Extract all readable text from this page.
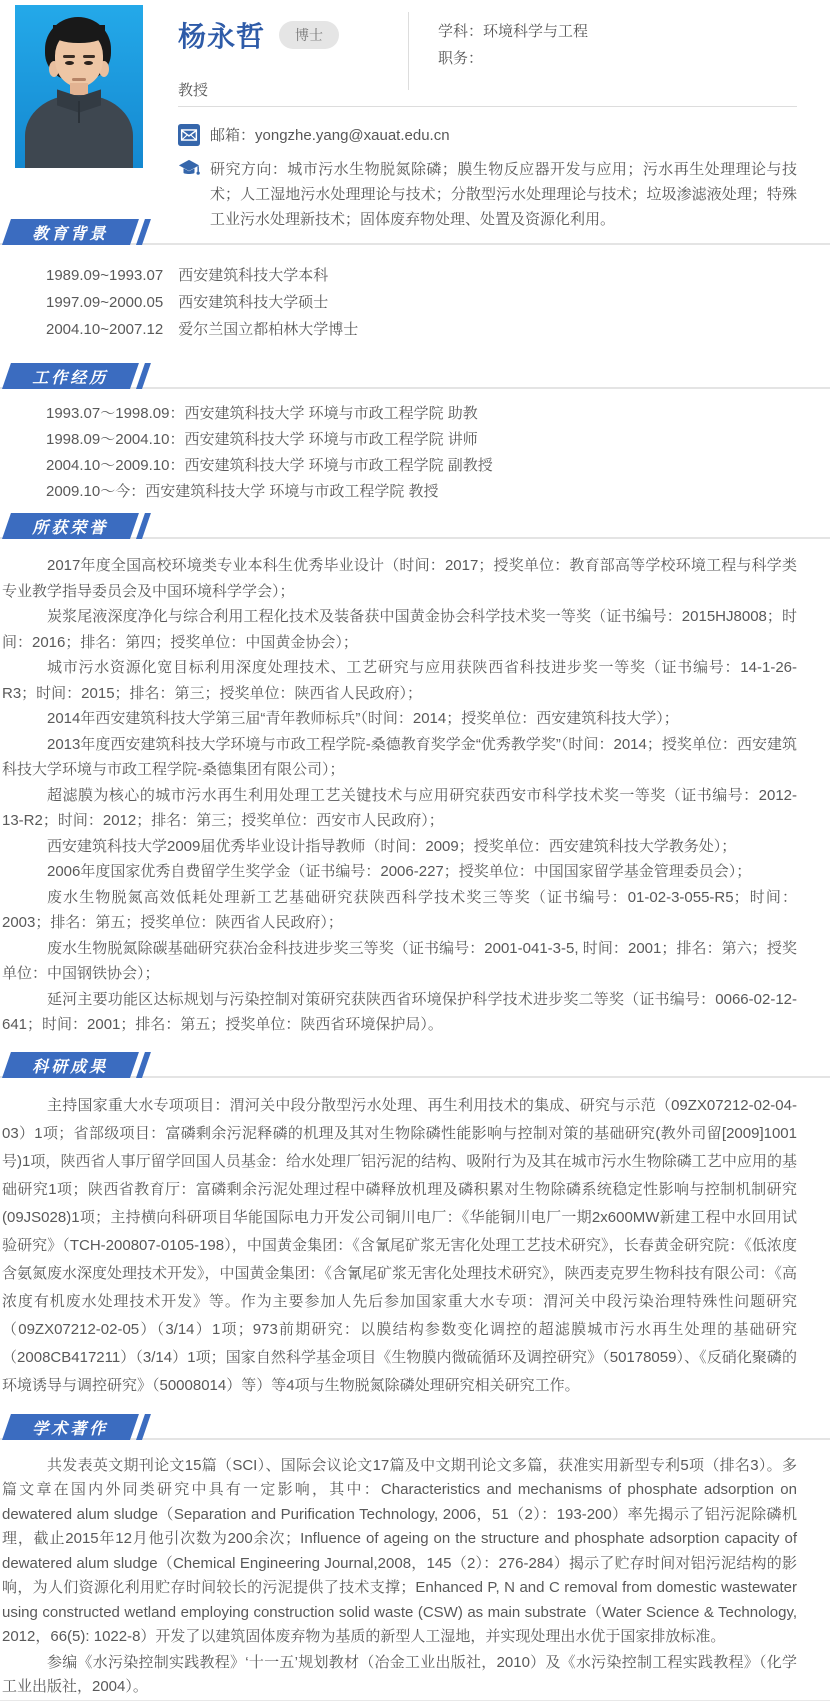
杨永哲	博士
教授
学科：环境科学与工程
职务：
邮箱：yongzhe.yang@xauat.edu.cn
研究方向：城市污水生物脱氮除磷；膜生物反应器开发与应用；污水再生处理理论与技术；人工湿地污水处理理论与技术；分散型污水处理理论与技术；垃圾渗滤液处理；特殊工业污水处理新技术；固体废弃物处理、处置及资源化利用。
教育背景
1989.09~1993.07 西安建筑科技大学本科
1997.09~2000.05 西安建筑科技大学硕士
2004.10~2007.12 爱尔兰国立都柏林大学博士
工作经历
1993.07～1998.09：西安建筑科技大学 环境与市政工程学院 助教
1998.09～2004.10：西安建筑科技大学 环境与市政工程学院 讲师
2004.10～2009.10：西安建筑科技大学 环境与市政工程学院 副教授
2009.10～今：西安建筑科技大学 环境与市政工程学院 教授
所获荣誉

2017年度全国高校环境类专业本科生优秀毕业设计（时间：2017；授奖单位：教育部高等学校环境工程与科学类专业教学指导委员会及中国环境科学学会）；

炭浆尾液深度净化与综合利用工程化技术及装备获中国黄金协会科学技术奖一等奖（证书编号：2015HJ8008；时间：2016；排名：第四；授奖单位：中国黄金协会）；

城市污水资源化宽目标利用深度处理技术、工艺研究与应用获陕西省科技进步奖一等奖（证书编号：14-1-26-R3；时间：2015；排名：第三；授奖单位：陕西省人民政府）；

2014年西安建筑科技大学第三届“青年教师标兵”（时间：2014；授奖单位：西安建筑科技大学）；

2013年度西安建筑科技大学环境与市政工程学院-桑德教育奖学金“优秀教学奖”（时间：2014；授奖单位：西安建筑科技大学环境与市政工程学院-桑德集团有限公司）；

超滤膜为核心的城市污水再生利用处理工艺关键技术与应用研究获西安市科学技术奖一等奖（证书编号：2012-13-R2；时间：2012；排名：第三；授奖单位：西安市人民政府）；

西安建筑科技大学2009届优秀毕业设计指导教师（时间：2009；授奖单位：西安建筑科技大学教务处）；

2006年度国家优秀自费留学生奖学金（证书编号：2006-227；授奖单位：中国国家留学基金管理委员会）；

废水生物脱氮高效低耗处理新工艺基础研究获陕西科学技术奖三等奖（证书编号：01-02-3-055-R5；时间：2003；排名：第五；授奖单位：陕西省人民政府）；

废水生物脱氮除碳基础研究获冶金科技进步奖三等奖（证书编号：2001-041-3-5, 时间：2001；排名：第六；授奖单位：中国钢铁协会）；

延河主要功能区达标规划与污染控制对策研究获陕西省环境保护科学技术进步奖二等奖（证书编号：0066-02-12-641；时间：2001；排名：第五；授奖单位：陕西省环境保护局）。

科研成果

主持国家重大水专项项目：渭河关中段分散型污水处理、再生利用技术的集成、研究与示范（09ZX07212-02-04-03）1项；省部级项目：富磷剩余污泥释磷的机理及其对生物除磷性能影响与控制对策的基础研究(教外司留[2009]1001号)1项，陕西省人事厅留学回国人员基金：给水处理厂铝污泥的结构、吸附行为及其在城市污水生物除磷工艺中应用的基础研究1项；陕西省教育厅：富磷剩余污泥处理过程中磷释放机理及磷积累对生物除磷系统稳定性影响与控制机制研究(09JS028)1项；主持横向科研项目华能国际电力开发公司铜川电厂：《华能铜川电厂一期2x600MW新建工程中水回用试验研究》（TCH-200807-0105-198），中国黄金集团：《含氰尾矿浆无害化处理工艺技术研究》，长春黄金研究院：《低浓度含氨氮废水深度处理技术开发》，中国黄金集团：《含氰尾矿浆无害化处理技术研究》，陕西麦克罗生物科技有限公司：《高浓度有机废水处理技术开发》等。作为主要参加人先后参加国家重大水专项：渭河关中段污染治理特殊性问题研究（09ZX07212-02-05）（3/14）1项；973前期研究：以膜结构参数变化调控的超滤膜城市污水再生处理的基础研究（2008CB417211）（3/14）1项；国家自然科学基金项目《生物膜内微硫循环及调控研究》（50178059）、《反硝化聚磷的环境诱导与调控研究》（50008014）等）等4项与生物脱氮除磷处理研究相关研究工作。

学术著作

共发表英文期刊论文15篇（SCI）、国际会议论文17篇及中文期刊论文多篇，获准实用新型专利5项（排名3）。多篇文章在国内外同类研究中具有一定影响，其中：Characteristics and mechanisms of phosphate adsorption on dewatered alum sludge（Separation and Purification Technology, 2006，51（2）：193-200）率先揭示了铝污泥除磷机理，截止2015年12月他引次数为200余次；Influence of ageing on the structure and phosphate adsorption capacity of dewatered alum sludge（Chemical Engineering Journal,2008，145（2）：276-284）揭示了贮存时间对铝污泥结构的影响，为人们资源化利用贮存时间较长的污泥提供了技术支撑；Enhanced P, N and C removal from domestic wastewater using constructed wetland employing construction solid waste (CSW) as main substrate（Water Science & Technology, 2012，66(5): 1022-8）开发了以建筑固体废弃物为基质的新型人工湿地，并实现处理出水优于国家排放标准。

参编《水污染控制实践教程》‘十一五’规划教材（冶金工业出版社，2010）及《水污染控制工程实践教程》（化学工业出版社，2004）。
